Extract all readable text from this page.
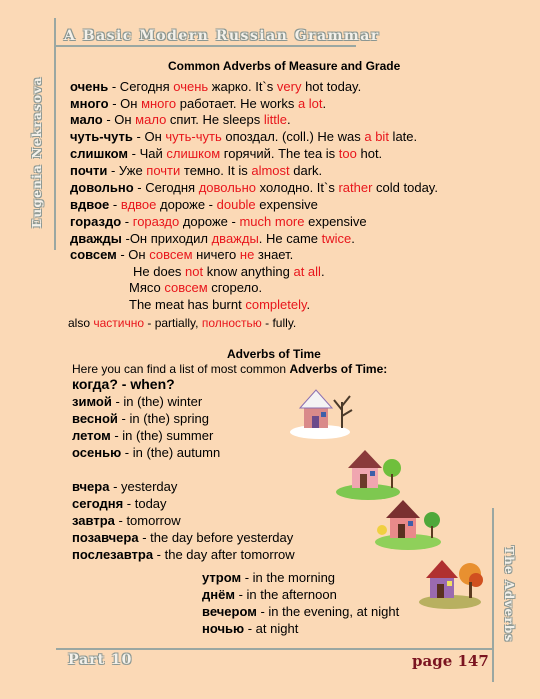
A Basic Modern Russian Grammar
Eugenia Nekrasova
The Adverbs
Part 10	page 147
Common Adverbs of Measure and Grade
очень - Сегодня очень жарко. It`s very hot today.
много - Он много работает. He works a lot.
мало - Он мало спит. He sleeps little.
чуть-чуть - Он чуть-чуть опоздал. (coll.) He was a bit late.
слишком - Чай слишком горячий. The tea is too hot.
почти - Уже почти темно. It is almost dark.
довольно - Сегодня довольно холодно. It`s rather cold today.
вдвое - вдвое дороже - double expensive
гораздо - гораздо дороже - much more expensive
дважды -Он приходил дважды. He came twice.
совсем - Он совсем ничего не знает.
He does not know anything at all.
Мясо совсем сгорело.
The meat has burnt completely.
also частично - partially, полностью - fully.
Adverbs of Time
Here you can find a list of most common Adverbs of Time:
когда? - when?
зимой - in (the) winter
весной - in (the) spring
летом - in (the) summer
осенью - in (the) autumn
вчера - yesterday
сегодня - today
завтра - tomorrow
позавчера - the day before yesterday
послезавтра - the day after tomorrow
утром - in the morning
днём - in the afternoon
вечером - in the evening, at night
ночью - at night
